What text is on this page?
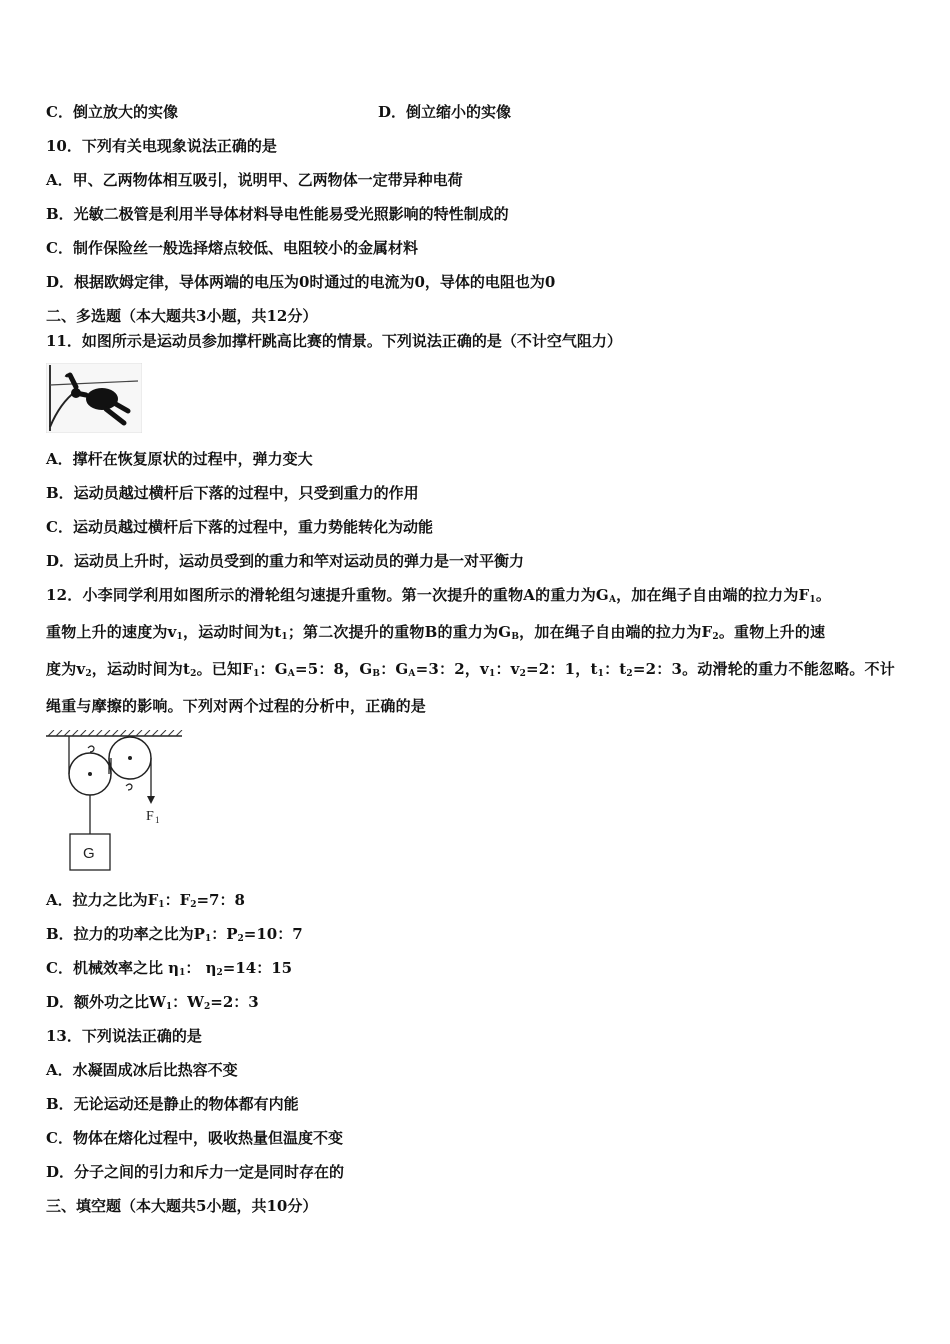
C．倒立放大的实像	D．倒立缩小的实像
10．下列有关电现象说法正确的是
A．甲、乙两物体相互吸引，说明甲、乙两物体一定带异种电荷
B．光敏二极管是利用半导体材料导电性能易受光照影响的特性制成的
C．制作保险丝一般选择熔点较低、电阻较小的金属材料
D．根据欧姆定律，导体两端的电压为0时通过的电流为0，导体的电阻也为0
二、多选题（本大题共3小题，共12分）
11．如图所示是运动员参加撑杆跳高比赛的情景。下列说法正确的是（不计空气阻力）
A．撑杆在恢复原状的过程中，弹力变大
B．运动员越过横杆后下落的过程中，只受到重力的作用
C．运动员越过横杆后下落的过程中，重力势能转化为动能
D．运动员上升时，运动员受到的重力和竿对运动员的弹力是一对平衡力
12．小李同学利用如图所示的滑轮组匀速提升重物。第一次提升的重物A的重力为$G_A$，加在绳子自由端的拉力为$F_1$。
重物上升的速度为$v_1$，运动时间为$t_1$；第二次提升的重物B的重力为$G_B$，加在绳子自由端的拉力为$F_2$。重物上升的速
度为$v_2$，运动时间为$t_2$。已知$F_1$：$G_A=5$：8，$G_B$：$G_A=3$：2，$v_1$：$v_2=2$：1，$t_1$：$t_2=2$：3。动滑轮的重力不能忽略。不计
绳重与摩擦的影响。下列对两个过程的分析中，正确的是
F 1
G
A．拉力之比为$F_1$：$F_2=7$：8
B．拉力的功率之比为$P_1$：$P_2=10$：7
C．机械效率之比 $\eta_1$： $\eta_2=14$：15
D．额外功之比$W_1$：$W_2=2$：3
13．下列说法正确的是
A．水凝固成冰后比热容不变
B．无论运动还是静止的物体都有内能
C．物体在熔化过程中，吸收热量但温度不变
D．分子之间的引力和斥力一定是同时存在的
三、填空题（本大题共5小题，共10分）
